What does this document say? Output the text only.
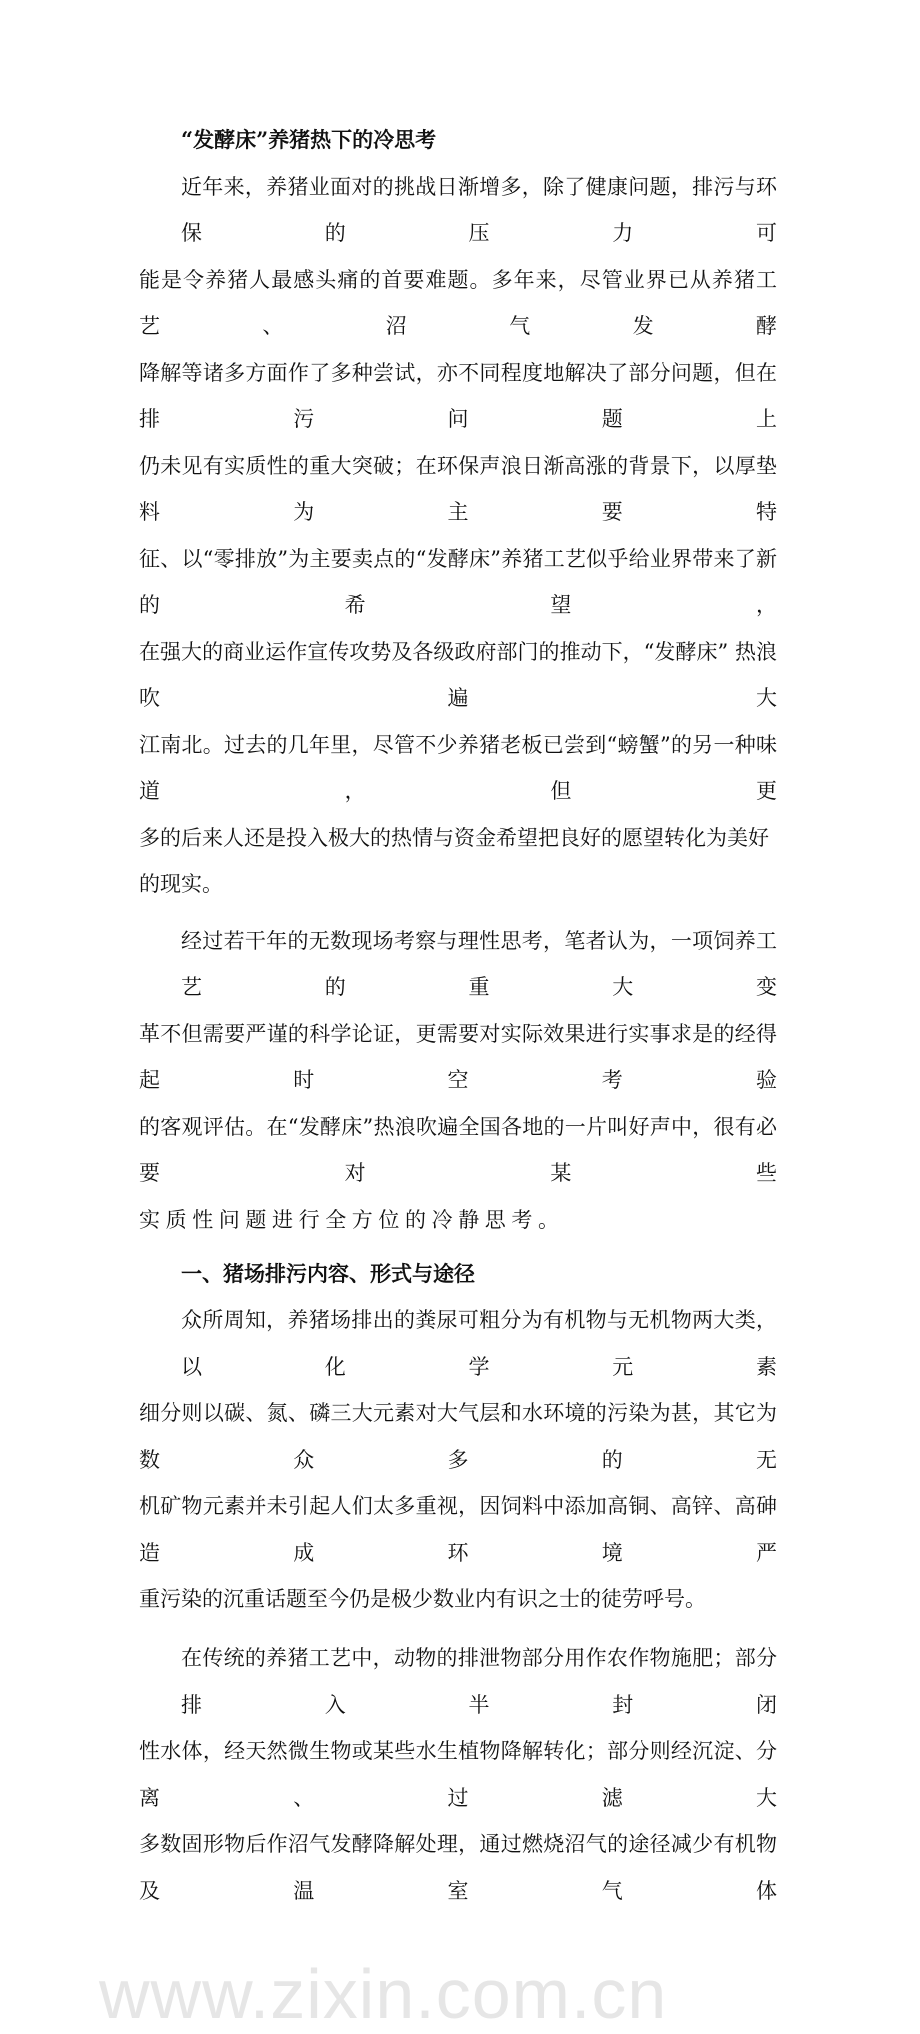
“发酵床”养猪热下的冷思考
近年来，养猪业面对的挑战日渐增多，除了健康问题，排污与环保的压力可
能是令养猪人最感头痛的首要难题。多年来，尽管业界已从养猪工艺、沼气发酵
降解等诸多方面作了多种尝试，亦不同程度地解决了部分问题，但在排污问题上
仍未见有实质性的重大突破；在环保声浪日渐高涨的背景下，以厚垫料为主要特
征、以“零排放”为主要卖点的“发酵床”养猪工艺似乎给业界带来了新的希望，
在强大的商业运作宣传攻势及各级政府部门的推动下，“发酵床” 热浪吹遍大
江南北。过去的几年里，尽管不少养猪老板已尝到“螃蟹”的另一种味道，但更
多的后来人还是投入极大的热情与资金希望把良好的愿望转化为美好的现实。
经过若干年的无数现场考察与理性思考，笔者认为，一项饲养工艺的重大变
革不但需要严谨的科学论证，更需要对实际效果进行实事求是的经得起时空考验
的客观评估。在“发酵床”热浪吹遍全国各地的一片叫好声中，很有必要对某些
实质性问题进行全方位的冷静思考。
一、猪场排污内容、形式与途径
众所周知，养猪场排出的粪尿可粗分为有机物与无机物两大类，以化学元素
细分则以碳、氮、磷三大元素对大气层和水环境的污染为甚，其它为数众多的无
机矿物元素并未引起人们太多重视，因饲料中添加高铜、高锌、高砷造成环境严
重污染的沉重话题至今仍是极少数业内有识之士的徒劳呼号。
在传统的养猪工艺中，动物的排泄物部分用作农作物施肥；部分排入半封闭
性水体，经天然微生物或某些水生植物降解转化；部分则经沉淀、分离、过滤大
多数固形物后作沼气发酵降解处理，通过燃烧沼气的途径减少有机物及温室气体
www.zixin.com.cn
